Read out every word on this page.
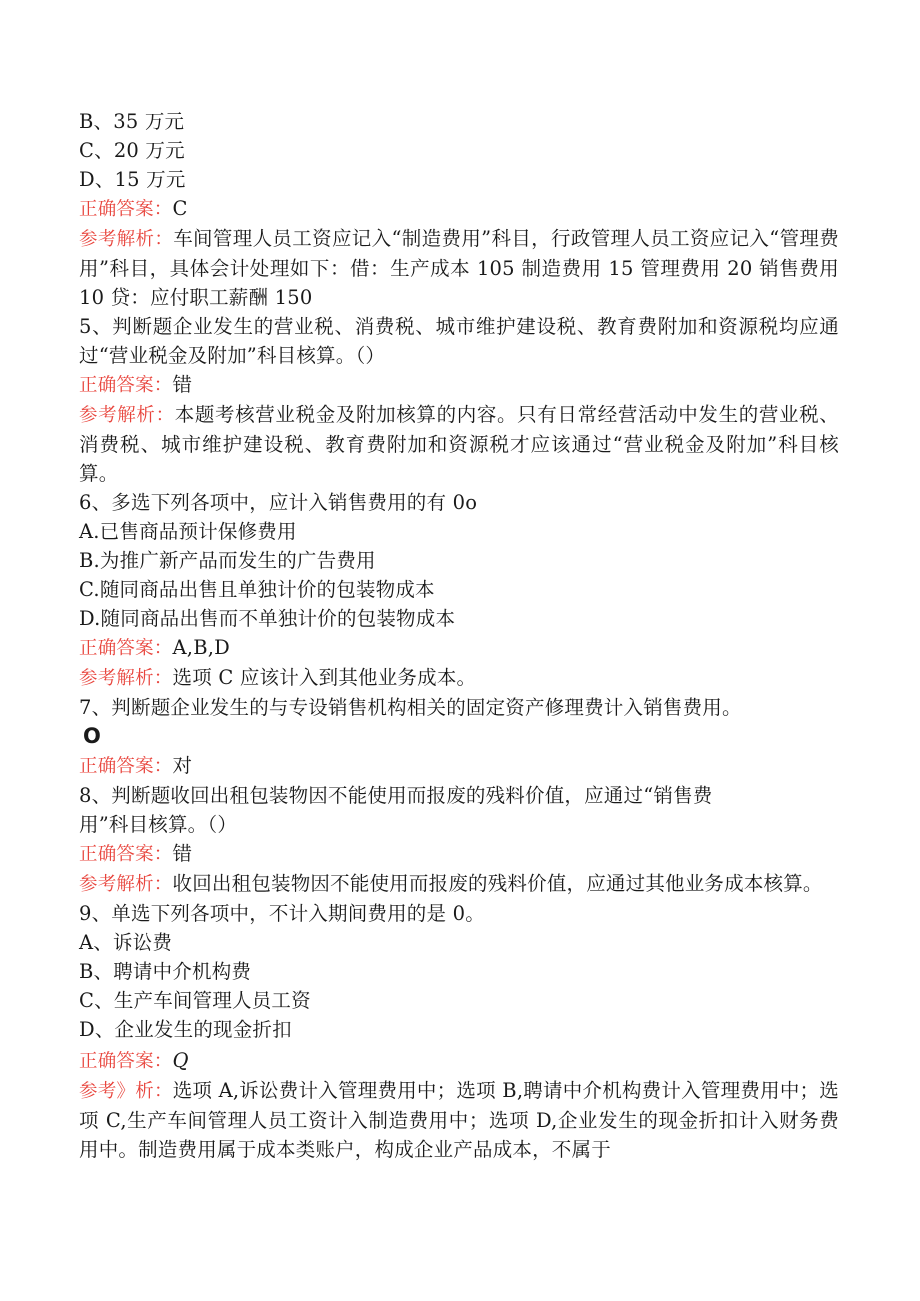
B、35 万元
C、20 万元
D、15 万元
正确答案：C
参考解析：车间管理人员工资应记入“制造费用”科目，行政管理人员工资应记入“管理费用”科目，具体会计处理如下：借：生产成本 105 制造费用 15 管理费用 20 销售费用 10 贷：应付职工薪酬 150
5、判断题企业发生的营业税、消费税、城市维护建设税、教育费附加和资源税均应通过“营业税金及附加”科目核算。（）
正确答案：错
参考解析：本题考核营业税金及附加核算的内容。只有日常经营活动中发生的营业税、消费税、城市维护建设税、教育费附加和资源税才应该通过“营业税金及附加”科目核算。
6、多选下列各项中，应计入销售费用的有 0o
A.已售商品预计保修费用
B.为推广新产品而发生的广告费用
C.随同商品出售且单独计价的包装物成本
D.随同商品出售而不单独计价的包装物成本
正确答案：A,B,D
参考解析：选项 C 应该计入到其他业务成本。
7、判断题企业发生的与专设销售机构相关的固定资产修理费计入销售费用。
O
正确答案：对
8、判断题收回出租包装物因不能使用而报废的残料价值，应通过“销售费
用”科目核算。（）
正确答案：错
参考解析：收回出租包装物因不能使用而报废的残料价值，应通过其他业务成本核算。
9、单选下列各项中，不计入期间费用的是 0。
A、诉讼费
B、聘请中介机构费
C、生产车间管理人员工资
D、企业发生的现金折扣
正确答案：Q
参考》析：选项 A,诉讼费计入管理费用中；选项 B,聘请中介机构费计入管理费用中；选项 C,生产车间管理人员工资计入制造费用中；选项 D,企业发生的现金折扣计入财务费用中。制造费用属于成本类账户，构成企业产品成本，不属于
